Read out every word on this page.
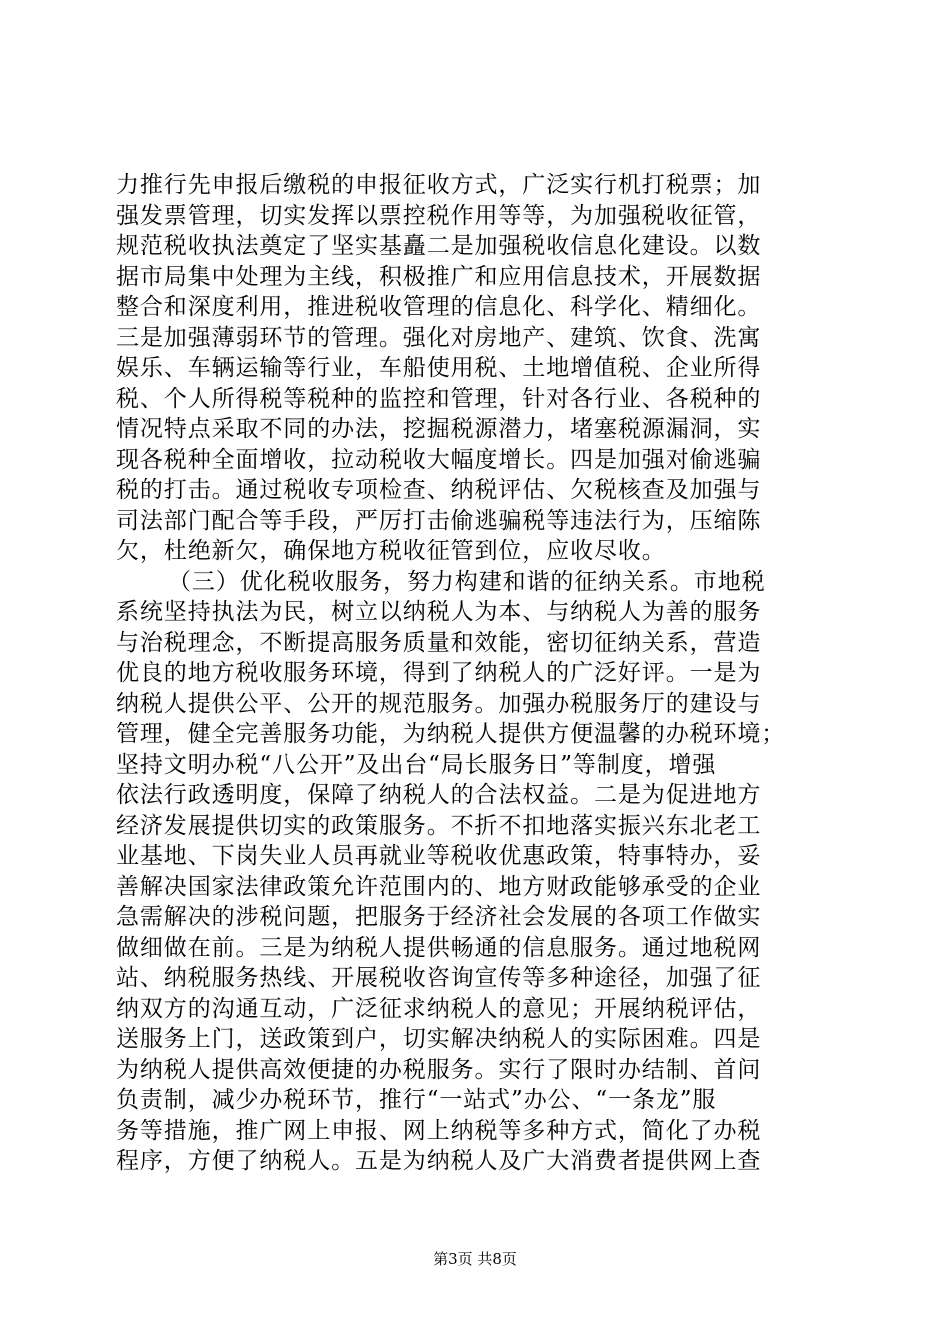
力推行先申报后缴税的申报征收方式，广泛实行机打税票；加
强发票管理，切实发挥以票控税作用等等，为加强税收征管，
规范税收执法奠定了坚实基矗二是加强税收信息化建设。以数
据市局集中处理为主线，积极推广和应用信息技术，开展数据
整合和深度利用，推进税收管理的信息化、科学化、精细化。
三是加强薄弱环节的管理。强化对房地产、建筑、饮食、洗寓
娱乐、车辆运输等行业，车船使用税、土地增值税、企业所得
税、个人所得税等税种的监控和管理，针对各行业、各税种的
情况特点采取不同的办法，挖掘税源潜力，堵塞税源漏洞，实
现各税种全面增收，拉动税收大幅度增长。四是加强对偷逃骗
税的打击。通过税收专项检查、纳税评估、欠税核查及加强与
司法部门配合等手段，严厉打击偷逃骗税等违法行为，压缩陈
欠，杜绝新欠，确保地方税收征管到位，应收尽收。
（三）优化税收服务，努力构建和谐的征纳关系。市地税
系统坚持执法为民，树立以纳税人为本、与纳税人为善的服务
与治税理念，不断提高服务质量和效能，密切征纳关系，营造
优良的地方税收服务环境，得到了纳税人的广泛好评。一是为
纳税人提供公平、公开的规范服务。加强办税服务厅的建设与
管理，健全完善服务功能，为纳税人提供方便温馨的办税环境；
坚持文明办税“八公开”及出台“局长服务日”等制度，增强
依法行政透明度，保障了纳税人的合法权益。二是为促进地方
经济发展提供切实的政策服务。不折不扣地落实振兴东北老工
业基地、下岗失业人员再就业等税收优惠政策，特事特办，妥
善解决国家法律政策允许范围内的、地方财政能够承受的企业
急需解决的涉税问题，把服务于经济社会发展的各项工作做实
做细做在前。三是为纳税人提供畅通的信息服务。通过地税网
站、纳税服务热线、开展税收咨询宣传等多种途径，加强了征
纳双方的沟通互动，广泛征求纳税人的意见；开展纳税评估，
送服务上门，送政策到户，切实解决纳税人的实际困难。四是
为纳税人提供高效便捷的办税服务。实行了限时办结制、首问
负责制，减少办税环节，推行“一站式”办公、“一条龙”服
务等措施，推广网上申报、网上纳税等多种方式，简化了办税
程序，方便了纳税人。五是为纳税人及广大消费者提供网上查
第3页 共8页
